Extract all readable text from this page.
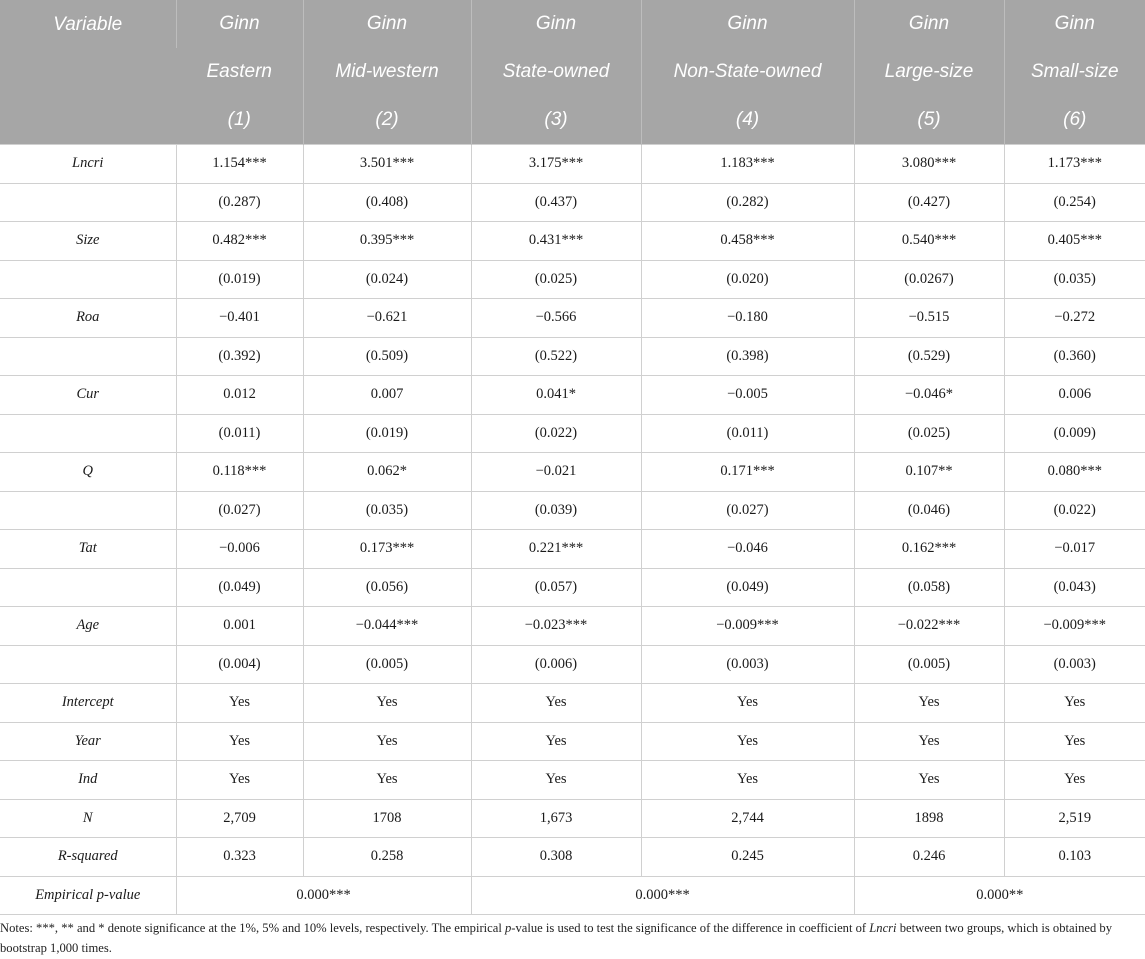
Variable	Ginn	Ginn	Ginn	Ginn	Ginn	Ginn
	Eastern	Mid-western	State-owned	Non-State-owned	Large-size	Small-size
	(1)	(2)	(3)	(4)	(5)	(6)
Lncri	1.154***	3.501***	3.175***	1.183***	3.080***	1.173***
	(0.287)	(0.408)	(0.437)	(0.282)	(0.427)	(0.254)
Size	0.482***	0.395***	0.431***	0.458***	0.540***	0.405***
	(0.019)	(0.024)	(0.025)	(0.020)	(0.0267)	(0.035)
Roa	−0.401	−0.621	−0.566	−0.180	−0.515	−0.272
	(0.392)	(0.509)	(0.522)	(0.398)	(0.529)	(0.360)
Cur	0.012	0.007	0.041*	−0.005	−0.046*	0.006
	(0.011)	(0.019)	(0.022)	(0.011)	(0.025)	(0.009)
Q	0.118***	0.062*	−0.021	0.171***	0.107**	0.080***
	(0.027)	(0.035)	(0.039)	(0.027)	(0.046)	(0.022)
Tat	−0.006	0.173***	0.221***	−0.046	0.162***	−0.017
	(0.049)	(0.056)	(0.057)	(0.049)	(0.058)	(0.043)
Age	0.001	−0.044***	−0.023***	−0.009***	−0.022***	−0.009***
	(0.004)	(0.005)	(0.006)	(0.003)	(0.005)	(0.003)
Intercept	Yes	Yes	Yes	Yes	Yes	Yes
Year	Yes	Yes	Yes	Yes	Yes	Yes
Ind	Yes	Yes	Yes	Yes	Yes	Yes
N	2,709	1708	1,673	2,744	1898	2,519
R-squared	0.323	0.258	0.308	0.245	0.246	0.103
Empirical p-value	0.000***		0.000***		0.000**	
Notes: ***, ** and * denote significance at the 1%, 5% and 10% levels, respectively. The empirical p-value is used to test the significance of the difference in coefficient of Lncri between two groups, which is obtained by bootstrap 1,000 times.
